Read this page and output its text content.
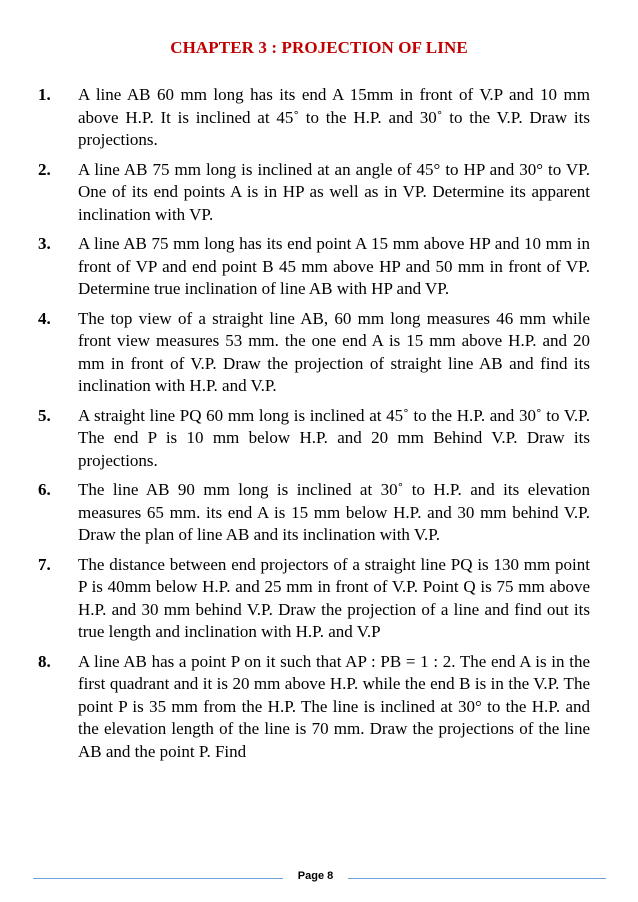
CHAPTER 3 : PROJECTION OF LINE
1.	A line AB 60 mm long has its end A 15mm in front of V.P and 10 mm above H.P. It is inclined at 45˚ to the H.P. and 30˚ to the V.P. Draw its projections.
2.	A line AB 75 mm long is inclined at an angle of 45° to HP and 30° to VP. One of its end points A is in HP as well as in VP. Determine its apparent inclination with VP.
3.	A line AB 75 mm long has its end point A 15 mm above HP and 10 mm in front of VP and end point B 45 mm above HP and 50 mm in front of VP. Determine true inclination of line AB with HP and VP.
4.	The top view of a straight line AB, 60 mm long measures 46 mm while front view measures 53 mm. the one end A is 15 mm above H.P. and 20 mm in front of V.P. Draw the projection of straight line AB and find its inclination with H.P. and V.P.
5.	A straight line PQ 60 mm long is inclined at 45˚ to the H.P. and 30˚ to V.P. The end P is 10 mm below H.P. and 20 mm Behind V.P. Draw its projections.
6.	The line AB 90 mm long is inclined at 30˚ to H.P. and its elevation measures 65 mm. its end A is 15 mm below H.P. and 30 mm behind V.P. Draw the plan of line AB and its inclination with V.P.
7.	The distance between end projectors of a straight line PQ is 130 mm point P is 40mm below H.P. and 25 mm in front of V.P. Point Q is 75 mm above H.P. and 30 mm behind V.P. Draw the projection of a line and find out its true length and inclination with H.P. and V.P
8.	A line AB has a point P on it such that AP : PB = 1 : 2. The end A is in the first quadrant and it is 20 mm above H.P. while the end B is in the V.P. The point P is 35 mm from the H.P. The line is inclined at 30° to the H.P. and the elevation length of the line is 70 mm. Draw the projections of the line AB and the point P. Find
Page 8
